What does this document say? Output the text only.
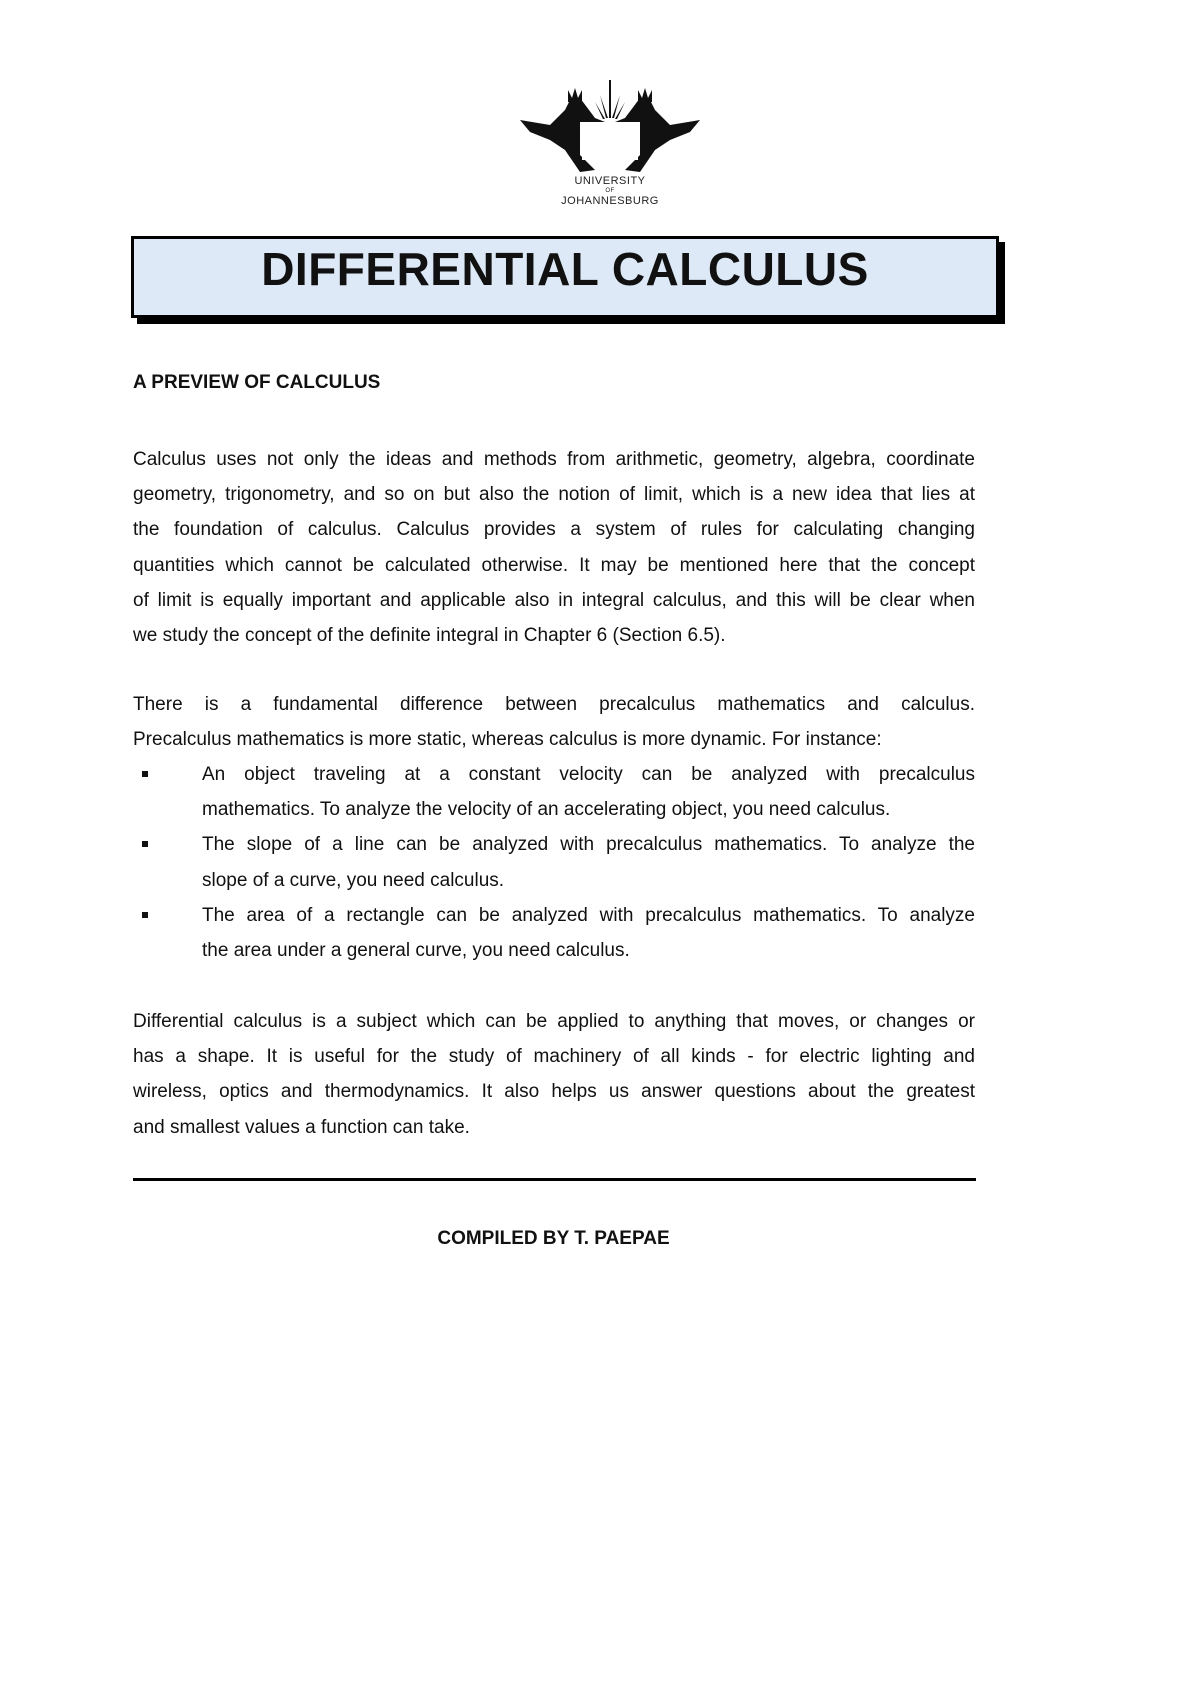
UNIVERSITY
OF
JOHANNESBURG
DIFFERENTIAL CALCULUS
A PREVIEW OF CALCULUS
Calculus uses not only the ideas and methods from arithmetic, geometry, algebra, coordinate
geometry, trigonometry, and so on but also the notion of limit, which is a new idea that lies at
the foundation of calculus. Calculus provides a system of rules for calculating changing
quantities which cannot be calculated otherwise. It may be mentioned here that the concept
of limit is equally important and applicable also in integral calculus, and this will be clear when
we study the concept of the definite integral in Chapter 6 (Section 6.5).
There is a fundamental difference between precalculus mathematics and calculus.
Precalculus mathematics is more static, whereas calculus is more dynamic. For instance:
An object traveling at a constant velocity can be analyzed with precalculus
mathematics. To analyze the velocity of an accelerating object, you need calculus.
The slope of a line can be analyzed with precalculus mathematics. To analyze the
slope of a curve, you need calculus.
The area of a rectangle can be analyzed with precalculus mathematics. To analyze
the area under a general curve, you need calculus.
Differential calculus is a subject which can be applied to anything that moves, or changes or
has a shape. It is useful for the study of machinery of all kinds - for electric lighting and
wireless, optics and thermodynamics. It also helps us answer questions about the greatest
and smallest values a function can take.
COMPILED BY T. PAEPAE
